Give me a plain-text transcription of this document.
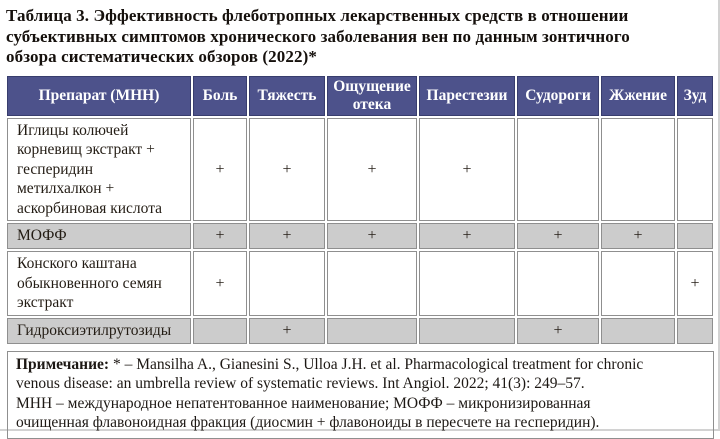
Таблица 3. Эффективность флеботропных лекарственных средств в отношении
субъективных симптомов хронического заболевания вен по данным зонтичного
обзора систематических обзоров (2022)*
Препарат (МНН)	Боль	Тяжесть	Ощущение отека	Парестезии	Судороги	Жжение	Зуд
Иглицы колючей корневищ экстракт + гесперидин метилхалкон + аскорбиновая кислота	+	+	+	+			
МОФФ	+	+	+	+	+	+	
Конского каштана обыкновенного семян экстракт	+						+
Гидроксиэтилрутозиды		+			+		
Примечание: * – Mansilha A., Gianesini S., Ulloa J.H. et al. Pharmacological treatment for chronic
venous disease: an umbrella review of systematic reviews. Int Angiol. 2022; 41(3): 249–57.
МНН – международное непатентованное наименование; МОФФ – микронизированная
очищенная флавоноидная фракция (диосмин + флавоноиды в пересчете на гесперидин).
